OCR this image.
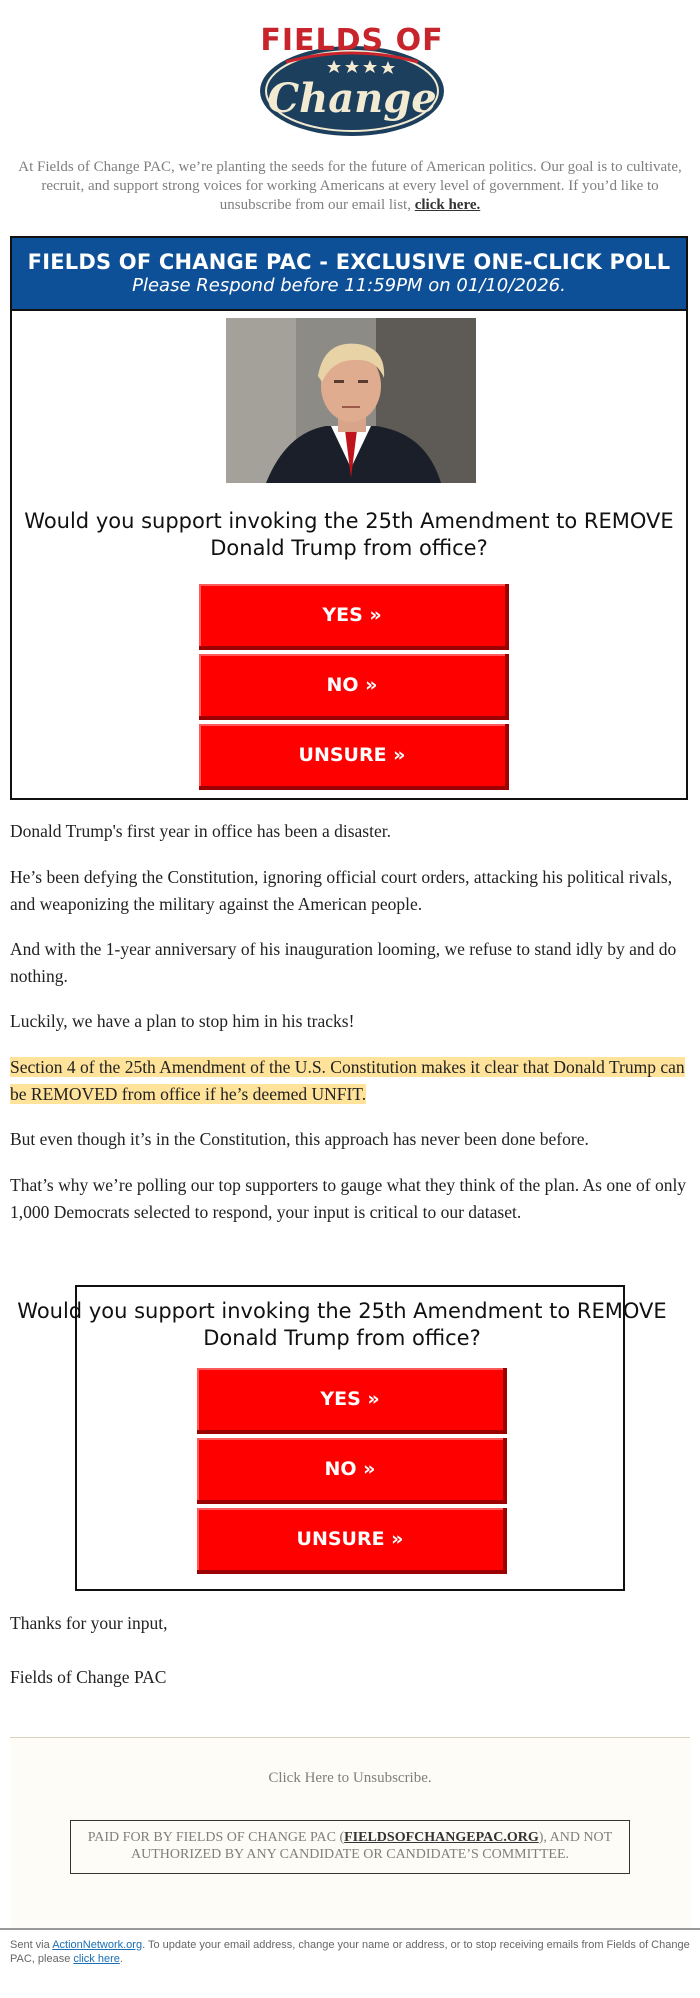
FIELDS OF
Change
At Fields of Change PAC, we’re planting the seeds for the future of American politics. Our goal is to cultivate, recruit, and support strong voices for working Americans at every level of government. If you’d like to unsubscribe from our email list, click here.
FIELDS OF CHANGE PAC - EXCLUSIVE ONE-CLICK POLL
Please Respond before 11:59PM on 01/10/2026.
Would you support invoking the 25th Amendment to REMOVE Donald Trump from office?
YES »
NO »
UNSURE »
Donald Trump's first year in office has been a disaster.
He’s been defying the Constitution, ignoring official court orders, attacking his political rivals, and weaponizing the military against the American people.
And with the 1-year anniversary of his inauguration looming, we refuse to stand idly by and do nothing.
Luckily, we have a plan to stop him in his tracks!
Section 4 of the 25th Amendment of the U.S. Constitution makes it clear that Donald Trump can be REMOVED from office if he’s deemed UNFIT.
But even though it’s in the Constitution, this approach has never been done before.
That’s why we’re polling our top supporters to gauge what they think of the plan. As one of only 1,000 Democrats selected to respond, your input is critical to our dataset.
Would you support invoking the 25th Amendment to REMOVE Donald Trump from office?
YES »
NO »
UNSURE »
Thanks for your input,
Fields of Change PAC
Click Here to Unsubscribe.
PAID FOR BY FIELDS OF CHANGE PAC (FIELDSOFCHANGEPAC.ORG), AND NOT AUTHORIZED BY ANY CANDIDATE OR CANDIDATE’S COMMITTEE.
Sent via ActionNetwork.org. To update your email address, change your name or address, or to stop receiving emails from Fields of Change PAC, please click here.
